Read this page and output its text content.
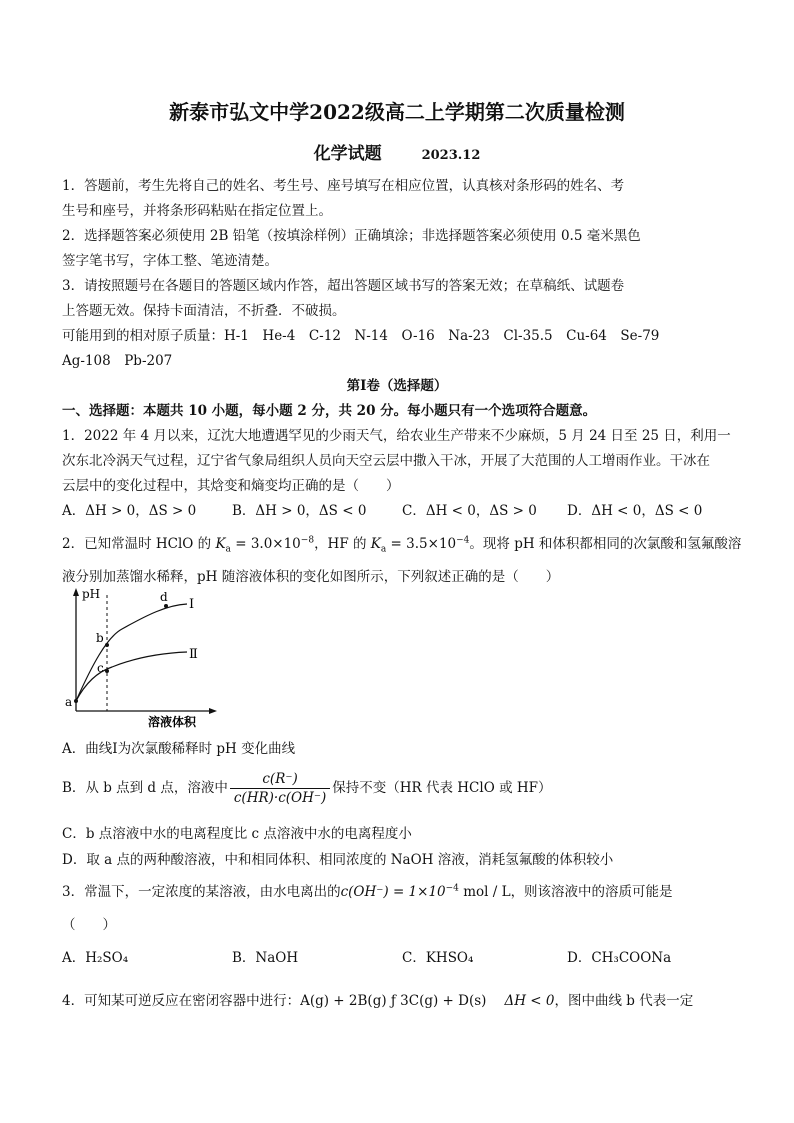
新泰市弘文中学2022级高二上学期第二次质量检测
化学试题	2023.12
1．答题前，考生先将自己的姓名、考生号、座号填写在相应位置，认真核对条形码的姓名、考
生号和座号，并将条形码粘贴在指定位置上。
2．选择题答案必须使用 2B 铅笔（按填涂样例）正确填涂；非选择题答案必须使用 0.5 毫米黑色
签字笔书写，字体工整、笔迹清楚。
3．请按照题号在各题目的答题区域内作答，超出答题区域书写的答案无效；在草稿纸、试题卷
上答题无效。保持卡面清洁，不折叠．不破损。
可能用到的相对原子质量：H-1　He-4　C-12　N-14　O-16　Na-23　Cl-35.5　Cu-64　Se-79
Ag-108　Pb-207
第Ⅰ卷（选择题）
一、选择题：本题共 10 小题，每小题 2 分，共 20 分。每小题只有一个选项符合题意。
1．2022 年 4 月以来，辽沈大地遭遇罕见的少雨天气，给农业生产带来不少麻烦，5 月 24 日至 25 日，利用一
次东北冷涡天气过程，辽宁省气象局组织人员向天空云层中撒入干冰，开展了大范围的人工增雨作业。干冰在
云层中的变化过程中，其焓变和熵变均正确的是（　　）
A．ΔH > 0，ΔS > 0	B．ΔH > 0，ΔS < 0	C．ΔH < 0，ΔS > 0 D．ΔH < 0，ΔS < 0
2．已知常温时 HClO 的 $K_a = 3.0\times 10^{-8}$，HF 的 $K_a = 3.5\times 10^{-4}$。现将 pH 和体积都相同的次氯酸和氢氟酸溶
液分别加蒸馏水稀释，pH 随溶液体积的变化如图所示，下列叙述正确的是（　　）
pH
a
b
c
d Ⅰ
Ⅱ
溶液体积
A．曲线Ⅰ为次氯酸稀释时 pH 变化曲线
B．从 b 点到 d 点，溶液中 $\frac{c(R^-)}{c(HR)\cdot c(OH^-)}$ 保持不变（HR 代表 HClO 或 HF）
C．b 点溶液中水的电离程度比 c 点溶液中水的电离程度小
D．取 a 点的两种酸溶液，中和相同体积、相同浓度的 NaOH 溶液，消耗氢氟酸的体积较小
3．常温下，一定浓度的某溶液，由水电离出的$c(OH^-) = 1\times 10^{-4}$ mol / L，则该溶液中的溶质可能是
（　　）
A．H₂SO₄	B．NaOH	C．KHSO₄	D．CH₃COONa
4．可知某可逆反应在密闭容器中进行：A(g) + 2B(g) ƒ 3C(g) + D(s) ΔH < 0，图中曲线 b 代表一定
